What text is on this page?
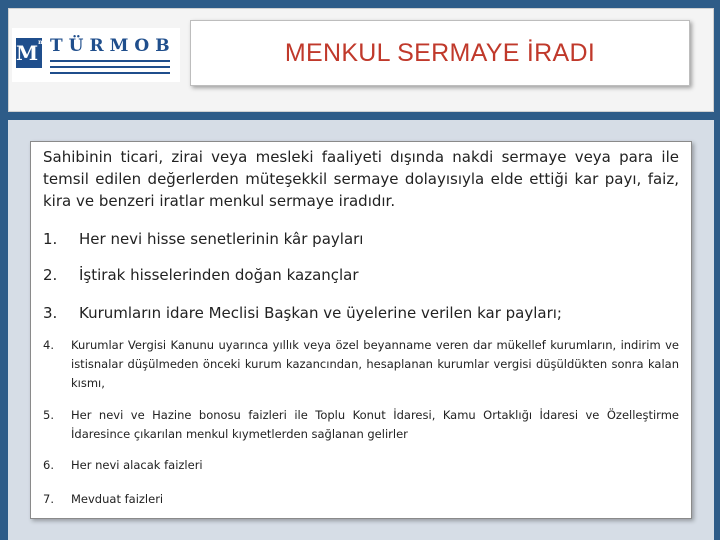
$M^m$ TÜRMOB	MENKUL SERMAYE İRADI

Sahibinin ticari, zirai veya mesleki faaliyeti dışında nakdi sermaye veya para ile temsil edilen değerlerden müteşekkil sermaye dolayısıyla elde ettiği kar payı, faiz, kira ve benzeri iratlar menkul sermaye iradıdır.

1. Her nevi hisse senetlerinin kâr payları
2. İştirak hisselerinden doğan kazançlar
3. Kurumların idare Meclisi Başkan ve üyelerine verilen kar payları;
4. Kurumlar Vergisi Kanunu uyarınca yıllık veya özel beyanname veren dar mükellef kurumların, indirim ve istisnalar düşülmeden önceki kurum kazancından, hesaplanan kurumlar vergisi düşüldükten sonra kalan kısmı,
5. Her nevi ve Hazine bonosu faizleri ile Toplu Konut İdaresi, Kamu Ortaklığı İdaresi ve Özelleştirme İdaresince çıkarılan menkul kıymetlerden sağlanan gelirler
6. Her nevi alacak faizleri
7. Mevduat faizleri
